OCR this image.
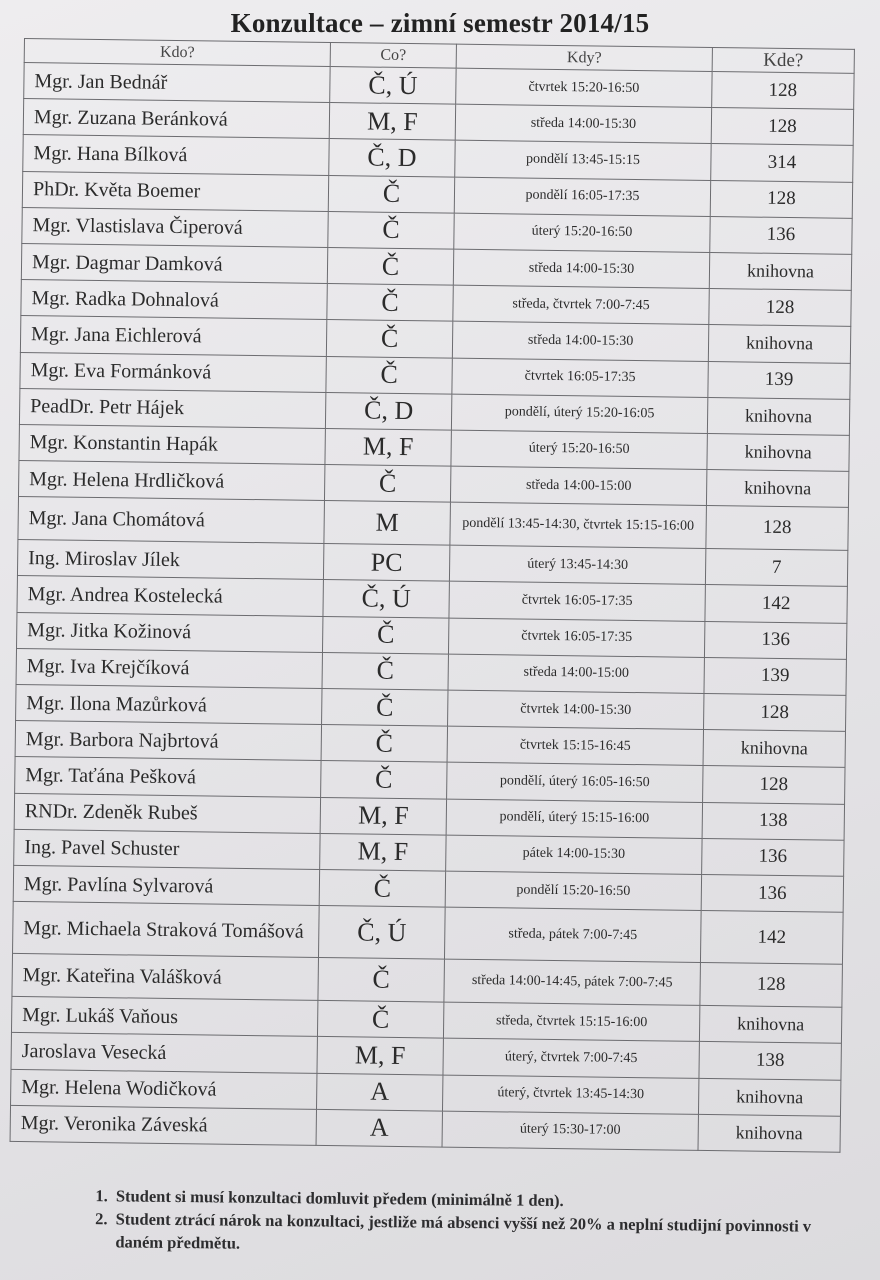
Konzultace – zimní semestr 2014/15
Kdo?	Co?	Kdy?	Kde?
Mgr. Jan Bednář	Č, Ú	čtvrtek 15:20-16:50	128
Mgr. Zuzana Beránková	M, F	středa 14:00-15:30	128
Mgr. Hana Bílková	Č, D	pondělí 13:45-15:15	314
PhDr. Květa Boemer	Č	pondělí 16:05-17:35	128
Mgr. Vlastislava Čiperová	Č	úterý 15:20-16:50	136
Mgr. Dagmar Damková	Č	středa 14:00-15:30	knihovna
Mgr. Radka Dohnalová	Č	středa, čtvrtek 7:00-7:45	128
Mgr. Jana Eichlerová	Č	středa 14:00-15:30	knihovna
Mgr. Eva Formánková	Č	čtvrtek 16:05-17:35	139
PeadDr. Petr Hájek	Č, D	pondělí, úterý 15:20-16:05	knihovna
Mgr. Konstantin Hapák	M, F	úterý 15:20-16:50	knihovna
Mgr. Helena Hrdličková	Č	středa 14:00-15:00	knihovna
Mgr. Jana Chomátová	M	pondělí 13:45-14:30, čtvrtek 15:15-16:00	128
Ing. Miroslav Jílek	PC	úterý 13:45-14:30	7
Mgr. Andrea Kostelecká	Č, Ú	čtvrtek 16:05-17:35	142
Mgr. Jitka Kožinová	Č	čtvrtek 16:05-17:35	136
Mgr. Iva Krejčíková	Č	středa 14:00-15:00	139
Mgr. Ilona Mazůrková	Č	čtvrtek 14:00-15:30	128
Mgr. Barbora Najbrtová	Č	čtvrtek 15:15-16:45	knihovna
Mgr. Taťána Pešková	Č	pondělí, úterý 16:05-16:50	128
RNDr. Zdeněk Rubeš	M, F	pondělí, úterý 15:15-16:00	138
Ing. Pavel Schuster	M, F	pátek 14:00-15:30	136
Mgr. Pavlína Sylvarová	Č	pondělí 15:20-16:50	136
Mgr. Michaela Straková Tomášová	Č, Ú	středa, pátek 7:00-7:45	142
Mgr. Kateřina Valášková	Č	středa 14:00-14:45, pátek 7:00-7:45	128
Mgr. Lukáš Vaňous	Č	středa, čtvrtek 15:15-16:00	knihovna
Jaroslava Vesecká	M, F	úterý, čtvrtek 7:00-7:45	138
Mgr. Helena Wodičková	A	úterý, čtvrtek 13:45-14:30	knihovna
Mgr. Veronika Záveská	A	úterý 15:30-17:00	knihovna
1. Student si musí konzultaci domluvit předem (minimálně 1 den).
2. Student ztrácí nárok na konzultaci, jestliže má absenci vyšší než 20% a neplní studijní povinnosti v daném předmětu.
